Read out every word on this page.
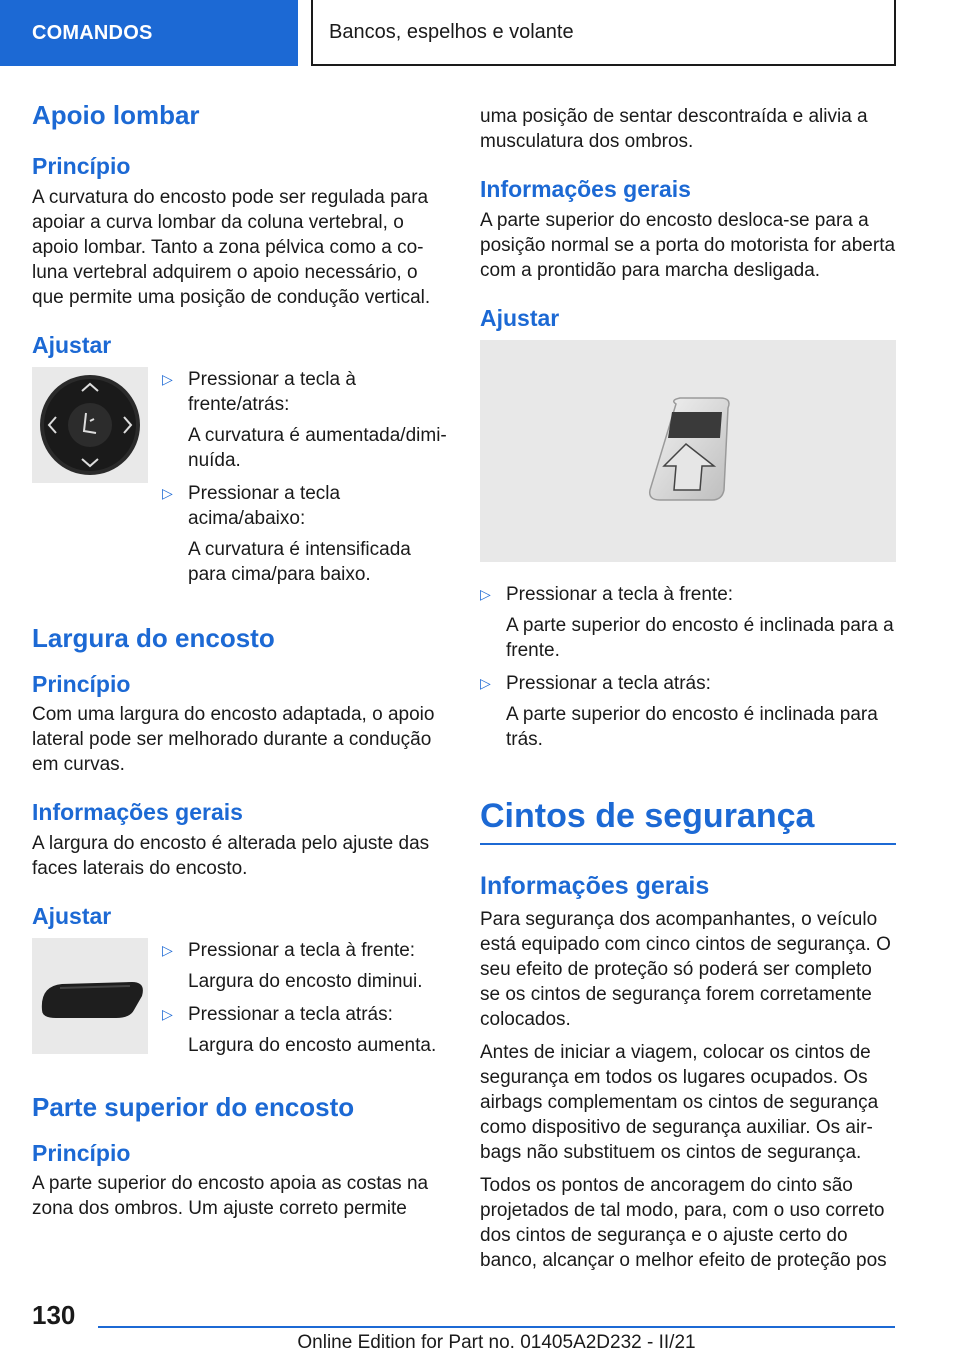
COMANDOS	Bancos, espelhos e volante
Apoio lombar
Princípio

A curvatura do encosto pode ser regulada para apoiar a curva lombar da coluna vertebral, o apoio lombar. Tanto a zona pélvica como a coluna vertebral adquirem o apoio necessário, o que permite uma posição de condução vertical.

Ajustar
▷ Pressionar a tecla à frente/atrás:
A curvatura é aumentada/diminuída.
▷ Pressionar a tecla acima/abaixo:
A curvatura é intensificada para cima/para baixo.
Largura do encosto
Princípio

Com uma largura do encosto adaptada, o apoio lateral pode ser melhorado durante a condução em curvas.

Informações gerais

A largura do encosto é alterada pelo ajuste das faces laterais do encosto.

Ajustar
▷ Pressionar a tecla à frente:
Largura do encosto diminui.
▷ Pressionar a tecla atrás:
Largura do encosto aumenta.
Parte superior do encosto
Princípio

A parte superior do encosto apoia as costas na zona dos ombros. Um ajuste correto permite

uma posição de sentar descontraída e alivia a musculatura dos ombros.

Informações gerais

A parte superior do encosto desloca-se para a posição normal se a porta do motorista for aberta com a prontidão para marcha desligada.

Ajustar
▷ Pressionar a tecla à frente:
A parte superior do encosto é inclinada para a frente.
▷ Pressionar a tecla atrás:
A parte superior do encosto é inclinada para trás.
Cintos de segurança
Informações gerais

Para segurança dos acompanhantes, o veículo está equipado com cinco cintos de segurança. O seu efeito de proteção só poderá ser completo se os cintos de segurança forem corretamente colocados.

Antes de iniciar a viagem, colocar os cintos de segurança em todos os lugares ocupados. Os airbags complementam os cintos de segurança como dispositivo de segurança auxiliar. Os airbags não substituem os cintos de segurança.

Todos os pontos de ancoragem do cinto são projetados de tal modo, para, com o uso correto dos cintos de segurança e o ajuste certo do banco, alcançar o melhor efeito de proteção pos

130
Online Edition for Part no. 01405A2D232 - II/21
